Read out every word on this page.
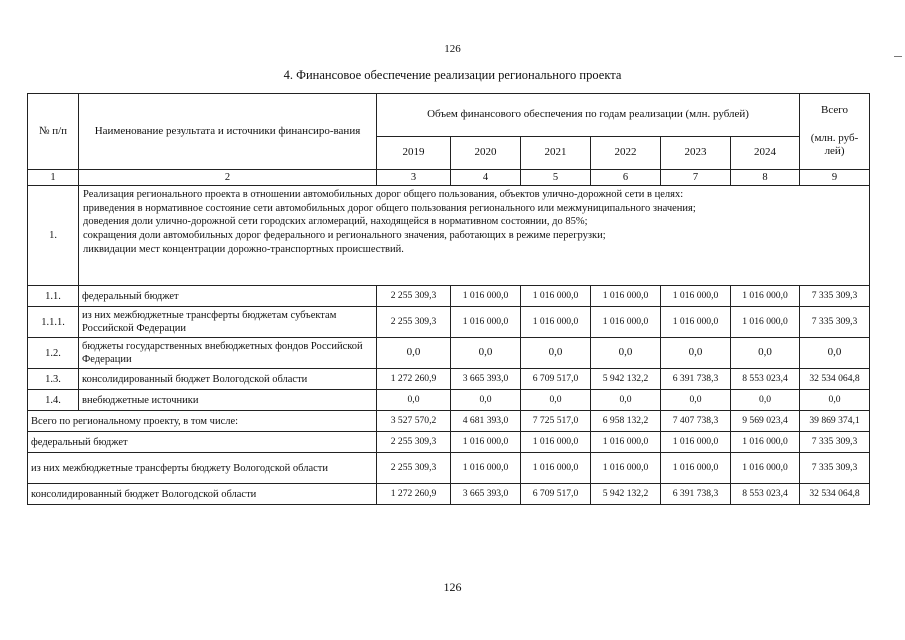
126
4. Финансовое обеспечение реализации регионального проекта
№ п/п	Наименование результата и источники финансиро-вания	Объем финансового обеспечения по годам реализации (млн. рублей)						Всего
(млн. руб-лей)

		2019	2020	2021	2022	2023	2024	
1	2	3	4	5	6	7	8	9
1.	Реализация регионального проекта в отношении автомобильных дорог общего пользования, объектов улично-дорожной сети в целях:
приведения в нормативное состояние сети автомобильных дорог общего пользования регионального или межмуниципального значения;
доведения доли улично-дорожной сети городских агломераций, находящейся в нормативном состоянии, до 85%;
сокращения доли автомобильных дорог федерального и регионального значения, работающих в режиме перегрузки;
ликвидации мест концентрации дорожно-транспортных происшествий.							

1.1.	федеральный бюджет	2 255 309,3	1 016 000,0	1 016 000,0	1 016 000,0	1 016 000,0	1 016 000,0	7 335 309,3
1.1.1.	из них межбюджетные трансферты бюджетам субъектам Российской Федерации	2 255 309,3	1 016 000,0	1 016 000,0	1 016 000,0	1 016 000,0	1 016 000,0	7 335 309,3
1.2.	бюджеты государственных внебюджетных фондов Российской Федерации	0,0	0,0	0,0	0,0	0,0	0,0	0,0
1.3.	консолидированный бюджет Вологодской области	1 272 260,9	3 665 393,0	6 709 517,0	5 942 132,2	6 391 738,3	8 553 023,4	32 534 064,8
1.4.	внебюджетные источники	0,0	0,0	0,0	0,0	0,0	0,0	0,0
Всего по региональному проекту, в том числе:		3 527 570,2	4 681 393,0	7 725 517,0	6 958 132,2	7 407 738,3	9 569 023,4	39 869 374,1
федеральный бюджет		2 255 309,3	1 016 000,0	1 016 000,0	1 016 000,0	1 016 000,0	1 016 000,0	7 335 309,3
из них межбюджетные трансферты бюджету Вологодской области		2 255 309,3	1 016 000,0	1 016 000,0	1 016 000,0	1 016 000,0	1 016 000,0	7 335 309,3
консолидированный бюджет Вологодской области		1 272 260,9	3 665 393,0	6 709 517,0	5 942 132,2	6 391 738,3	8 553 023,4	32 534 064,8
126
